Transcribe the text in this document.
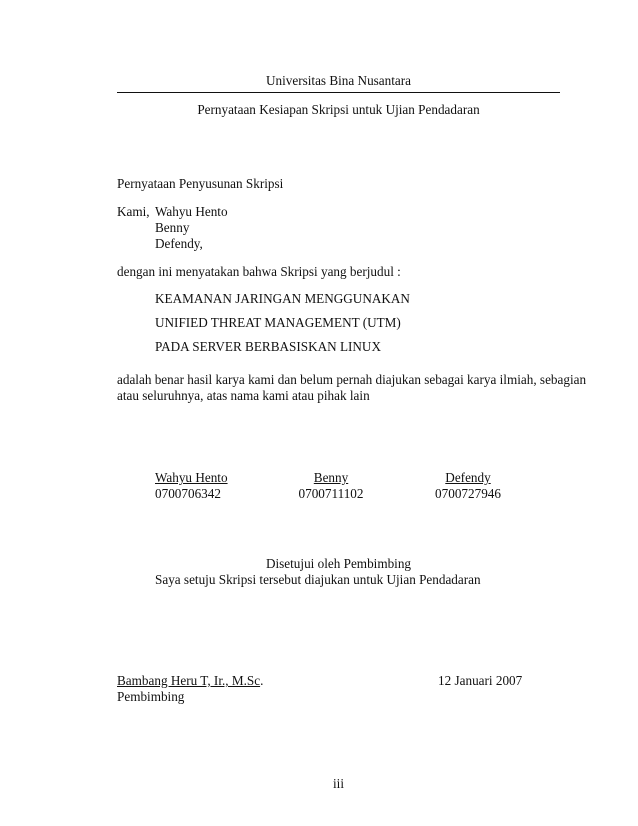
Universitas Bina Nusantara
Pernyataan Kesiapan Skripsi untuk Ujian Pendadaran
Pernyataan Penyusunan Skripsi
Kami, Wahyu Hento
Benny
Defendy,
dengan ini menyatakan bahwa Skripsi yang berjudul :
KEAMANAN JARINGAN MENGGUNAKAN
UNIFIED THREAT MANAGEMENT (UTM)
PADA SERVER BERBASISKAN LINUX
adalah benar hasil karya kami dan belum pernah diajukan sebagai karya ilmiah, sebagian
atau seluruhnya, atas nama kami atau pihak lain
Wahyu Hento
0700706342
Benny
0700711102
Defendy
0700727946
Disetujui oleh Pembimbing
Saya setuju Skripsi tersebut diajukan untuk Ujian Pendadaran
Bambang Heru T, Ir., M.Sc.
Pembimbing
12 Januari 2007
iii
